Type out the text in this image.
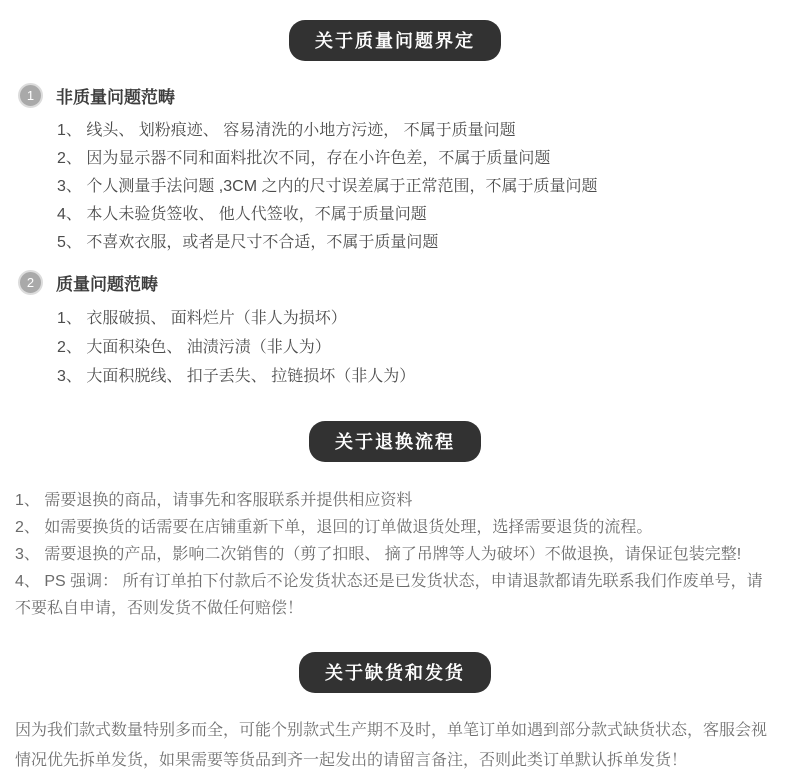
关于质量问题界定
1	非质量问题范畴
1、 线头、 划粉痕迹、 容易清洗的小地方污迹， 不属于质量问题
2、 因为显示器不同和面料批次不同，存在小许色差，不属于质量问题
3、 个人测量手法问题 ,3CM 之内的尺寸误差属于正常范围，不属于质量问题
4、 本人未验货签收、 他人代签收，不属于质量问题
5、 不喜欢衣服，或者是尺寸不合适，不属于质量问题
2	质量问题范畴
1、 衣服破损、 面料烂片（非人为损坏）
2、 大面积染色、 油渍污渍（非人为）
3、 大面积脱线、 扣子丢失、 拉链损坏（非人为）
关于退换流程
1、 需要退换的商品，请事先和客服联系并提供相应资料
2、 如需要换货的话需要在店铺重新下单，退回的订单做退货处理，选择需要退货的流程。
3、 需要退换的产品，影响二次销售的（剪了扣眼、 摘了吊牌等人为破坏）不做退换，请保证包装完整!
4、 PS 强调： 所有订单拍下付款后不论发货状态还是已发货状态，申请退款都请先联系我们作废单号，请不要私自申请，否则发货不做任何赔偿！
关于缺货和发货

因为我们款式数量特别多而全，可能个别款式生产期不及时，单笔订单如遇到部分款式缺货状态，客服会视情况优先拆单发货，如果需要等货品到齐一起发出的请留言备注，否则此类订单默认拆单发货！
